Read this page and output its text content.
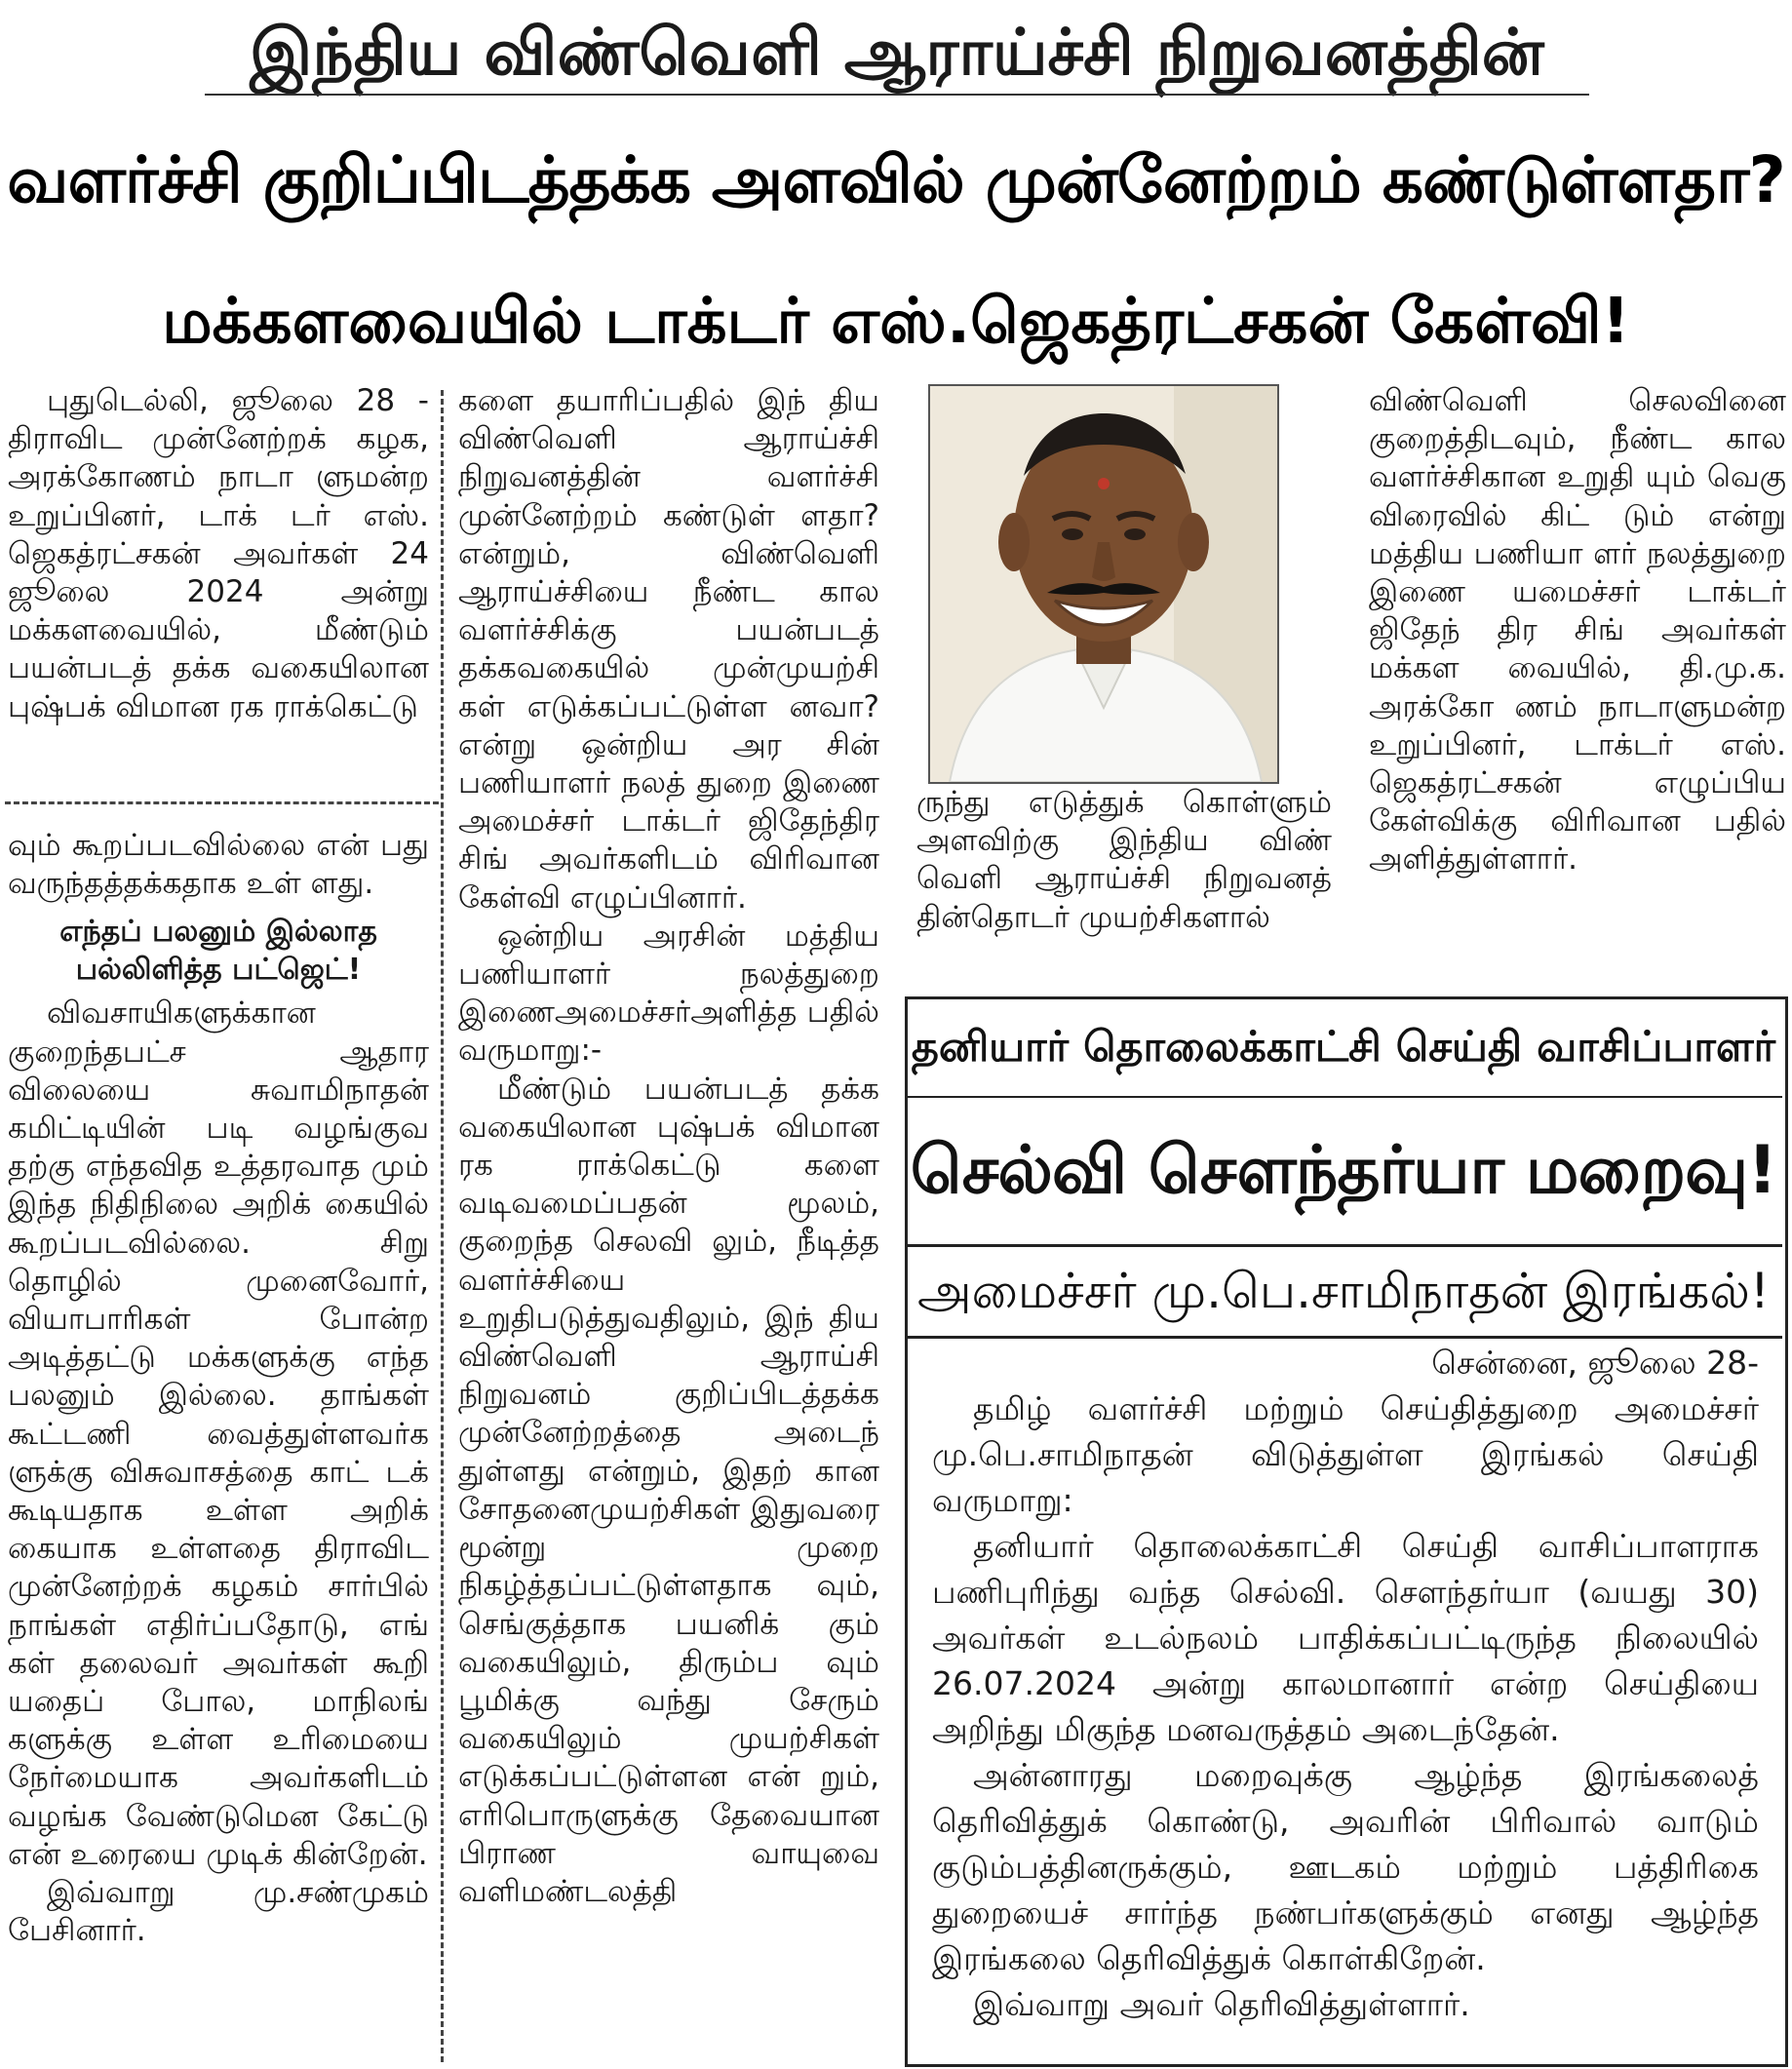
இந்திய விண்வெளி ஆராய்ச்சி நிறுவனத்தின்
வளர்ச்சி குறிப்பிடத்தக்க அளவில் முன்னேற்றம் கண்டுள்ளதா?
மக்களவையில் டாக்டர் எஸ்.ஜெகத்ரட்சகன் கேள்வி!

புதுடெல்லி, ஜூலை 28 - திராவிட முன்னேற்றக் கழக, அரக்கோணம் நாடா ளுமன்ற உறுப்பினர், டாக் டர் எஸ். ஜெகத்ரட்சகன் அவர்கள் 24 ஜூலை 2024 அன்று மக்களவையில், மீண்டும் பயன்படத் தக்க வகையிலான புஷ்பக் விமான ரக ராக்கெட்டு

வும் கூறப்படவில்லை என் பது வருந்தத்தக்கதாக உள் ளது.

எந்தப் பலனும் இல்லாத பல்லிளித்த பட்ஜெட்!

விவசாயிகளுக்கான குறைந்தபட்ச ஆதார விலையை சுவாமிநாதன் கமிட்டியின் படி வழங்குவ தற்கு எந்தவித உத்தரவாத மும் இந்த நிதிநிலை அறிக் கையில் கூறப்படவில்லை. சிறு தொழில் முனைவோர், வியாபாரிகள் போன்ற அடித்தட்டு மக்களுக்கு எந்த பலனும் இல்லை. தாங்கள் கூட்டணி வைத்துள்ளவர்க ளுக்கு விசுவாசத்தை காட் டக் கூடியதாக உள்ள அறிக் கையாக உள்ளதை திராவிட முன்னேற்றக் கழகம் சார்பில் நாங்கள் எதிர்ப்பதோடு, எங் கள் தலைவர் அவர்கள் கூறி யதைப் போல, மாநிலங் களுக்கு உள்ள உரிமையை நேர்மையாக அவர்களிடம் வழங்க வேண்டுமென கேட்டு என் உரையை முடிக் கின்றேன்.

இவ்வாறு மு.சண்முகம் பேசினார்.

களை தயாரிப்பதில் இந் திய விண்வெளி ஆராய்ச்சி நிறுவனத்தின் வளர்ச்சி முன்னேற்றம் கண்டுள் ளதா? என்றும், விண்வெளி ஆராய்ச்சியை நீண்ட கால வளர்ச்சிக்கு பயன்படத் தக்கவகையில் முன்முயற்சி கள் எடுக்கப்பட்டுள்ள னவா? என்று ஒன்றிய அர சின் பணியாளர் நலத் துறை இணை அமைச்சர் டாக்டர் ஜிதேந்திர சிங் அவர்களிடம் விரிவான கேள்வி எழுப்பினார்.

ஒன்றிய அரசின் மத்திய பணியாளர் நலத்துறை இணைஅமைச்சர்அளித்த பதில் வருமாறு:-

மீண்டும் பயன்படத் தக்க வகையிலான புஷ்பக் விமான ரக ராக்கெட்டு களை வடிவமைப்பதன் மூலம், குறைந்த செலவி லும், நீடித்த வளர்ச்சியை உறுதிபடுத்துவதிலும், இந் திய விண்வெளி ஆராய்சி நிறுவனம் குறிப்பிடத்தக்க முன்னேற்றத்தை அடைந் துள்ளது என்றும், இதற் கான சோதனைமுயற்சிகள் இதுவரை மூன்று முறை நிகழ்த்தப்பட்டுள்ளதாக வும், செங்குத்தாக பயனிக் கும் வகையிலும், திரும்ப வும் பூமிக்கு வந்து சேரும் வகையிலும் முயற்சிகள் எடுக்கப்பட்டுள்ளன என் றும், எரிபொருளுக்கு தேவையான பிராண வாயுவை வளிமண்டலத்தி

ருந்து எடுத்துக் கொள்ளும் அளவிற்கு இந்திய விண் வெளி ஆராய்ச்சி நிறுவனத் தின்தொடர் முயற்சிகளால்

விண்வெளி செலவினை குறைத்திடவும், நீண்ட கால வளர்ச்சிகான உறுதி யும் வெகு விரைவில் கிட் டும் என்று மத்திய பணியா ளர் நலத்துறை இணை யமைச்சர் டாக்டர் ஜிதேந் திர சிங் அவர்கள் மக்கள வையில், தி.மு.க. அரக்கோ ணம் நாடாளுமன்ற உறுப்பினர், டாக்டர் எஸ். ஜெகத்ரட்சகன் எழுப்பிய கேள்விக்கு விரிவான பதில் அளித்துள்ளார்.

தனியார் தொலைக்காட்சி செய்தி வாசிப்பாளர்
செல்வி சௌந்தர்யா மறைவு!
அமைச்சர் மு.பெ.சாமிநாதன் இரங்கல்!

சென்னை, ஜூலை 28-

தமிழ் வளர்ச்சி மற்றும் செய்தித்துறை அமைச்சர் மு.பெ.சாமிநாதன் விடுத்துள்ள இரங்கல் செய்தி வருமாறு:

தனியார் தொலைக்காட்சி செய்தி வாசிப்பாளராக பணிபுரிந்து வந்த செல்வி. சௌந்தர்யா (வயது 30) அவர்கள் உடல்நலம் பாதிக்கப்பட்டிருந்த நிலையில் 26.07.2024 அன்று காலமானார் என்ற செய்தியை அறிந்து மிகுந்த மனவருத்தம் அடைந்தேன்.

அன்னாரது மறைவுக்கு ஆழ்ந்த இரங்கலைத் தெரிவித்துக் கொண்டு, அவரின் பிரிவால் வாடும் குடும்பத்தினருக்கும், ஊடகம் மற்றும் பத்திரிகை துறையைச் சார்ந்த நண்பர்களுக்கும் எனது ஆழ்ந்த இரங்கலை தெரிவித்துக் கொள்கிறேன்.

இவ்வாறு அவர் தெரிவித்துள்ளார்.
